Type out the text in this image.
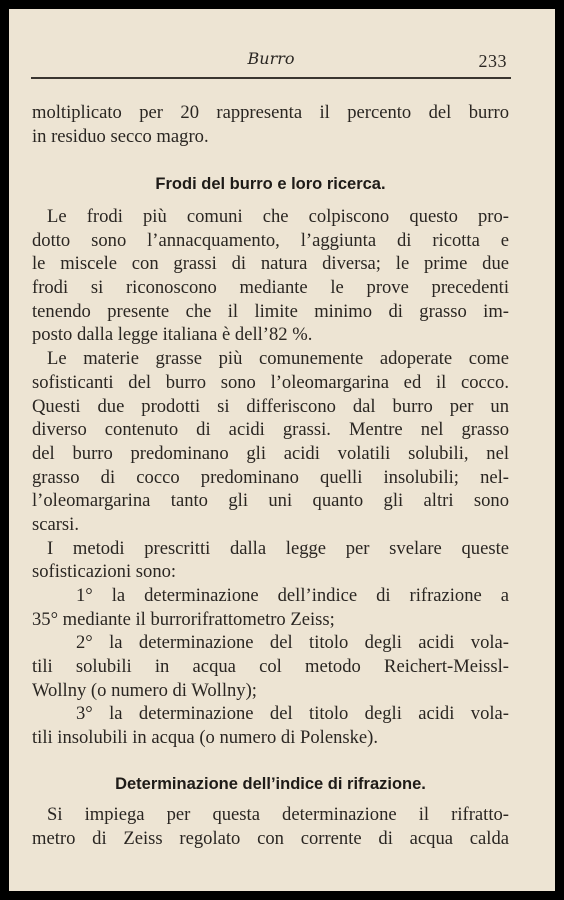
Burro	233
moltiplicato per 20 rappresenta il percento del burro
in residuo secco magro.
Frodi del burro e loro ricerca.
Le frodi più comuni che colpiscono questo pro-
dotto sono l’annacquamento, l’aggiunta di ricotta e
le miscele con grassi di natura diversa; le prime due
frodi si riconoscono mediante le prove precedenti
tenendo presente che il limite minimo di grasso im-
posto dalla legge italiana è dell’82 %.
Le materie grasse più comunemente adoperate come
sofisticanti del burro sono l’oleomargarina ed il cocco.
Questi due prodotti si differiscono dal burro per un
diverso contenuto di acidi grassi. Mentre nel grasso
del burro predominano gli acidi volatili solubili, nel
grasso di cocco predominano quelli insolubili; nel-
l’oleomargarina tanto gli uni quanto gli altri sono
scarsi.
I metodi prescritti dalla legge per svelare queste
sofisticazioni sono:
1° la determinazione dell’indice di rifrazione a
35° mediante il burrorifrattometro Zeiss;
2° la determinazione del titolo degli acidi vola-
tili solubili in acqua col metodo Reichert-Meissl-
Wollny (o numero di Wollny);
3° la determinazione del titolo degli acidi vola-
tili insolubili in acqua (o numero di Polenske).
Determinazione dell’indice di rifrazione.
Si impiega per questa determinazione il rifratto-
metro di Zeiss regolato con corrente di acqua calda
